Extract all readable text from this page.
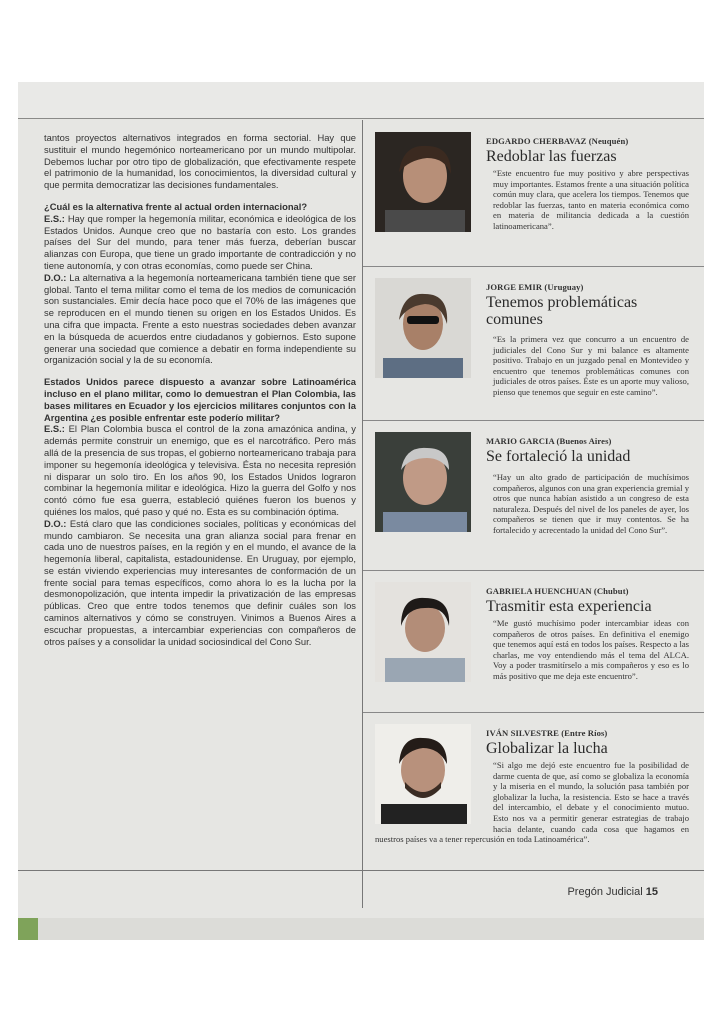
tantos proyectos alternativos integrados en forma sectorial. Hay que sustituir el mundo hegemónico norteamericano por un mundo multipolar. Debemos luchar por otro tipo de globalización, que efectivamente respete el patrimonio de la humanidad, los conocimientos, la diversidad cultural y que permita democratizar las decisiones fundamentales.

¿Cuál es la alternativa frente al actual orden internacional?

E.S.: Hay que romper la hegemonía militar, económica e ideológica de los Estados Unidos. Aunque creo que no bastaría con esto. Los grandes países del Sur del mundo, para tener más fuerza, deberían buscar alianzas con Europa, que tiene un grado importante de contradicción y no tiene autonomía, y con otras economías, como puede ser China.

D.O.: La alternativa a la hegemonía norteamericana también tiene que ser global. Tanto el tema militar como el tema de los medios de comunicación son sustanciales. Emir decía hace poco que el 70% de las imágenes que se reproducen en el mundo tienen su origen en los Estados Unidos. Es una cifra que impacta. Frente a esto nuestras sociedades deben avanzar en la búsqueda de acuerdos entre ciudadanos y gobiernos. Esto supone generar una sociedad que comience a debatir en forma independiente su organización social y la de su economía.

Estados Unidos parece dispuesto a avanzar sobre Latinoamérica incluso en el plano militar, como lo demuestran el Plan Colombia, las bases militares en Ecuador y los ejercicios militares conjuntos con la Argentina ¿es posible enfrentar este poderío militar?

E.S.: El Plan Colombia busca el control de la zona amazónica andina, y además permite construir un enemigo, que es el narcotráfico. Pero más allá de la presencia de sus tropas, el gobierno norteamericano trabaja para imponer su hegemonía ideológica y televisiva. Ésta no necesita represión ni disparar un solo tiro. En los años 90, los Estados Unidos lograron combinar la hegemonía militar e ideológica. Hizo la guerra del Golfo y nos contó cómo fue esa guerra, estableció quiénes fueron los buenos y quiénes los malos, qué paso y qué no. Esta es su combinación óptima.

D.O.: Está claro que las condiciones sociales, políticas y económicas del mundo cambiaron. Se necesita una gran alianza social para frenar en cada uno de nuestros países, en la región y en el mundo, el avance de la hegemonía liberal, capitalista, estadounidense. En Uruguay, por ejemplo, se están viviendo experiencias muy interesantes de conformación de un frente social para temas específicos, como ahora lo es la lucha por la desmonopolización, que intenta impedir la privatización de las empresas públicas. Creo que entre todos tenemos que definir cuáles son los caminos alternativos y cómo se construyen. Vinimos a Buenos Aires a escuchar propuestas, a intercambiar experiencias con compañeros de otros países y a consolidar la unidad sociosindical del Cono Sur.

EDGARDO CHERBAVAZ (Neuquén)
Redoblar las fuerzas
“Este encuentro fue muy positivo y abre perspectivas muy importantes. Estamos frente a una situación política común muy clara, que acelera los tiempos. Tenemos que redoblar las fuerzas, tanto en materia económica como en materia de militancia dedicada a la cuestión latinoamericana”.
JORGE EMIR (Uruguay)
Tenemos problemáticas comunes
“Es la primera vez que concurro a un encuentro de judiciales del Cono Sur y mi balance es altamente positivo. Trabajo en un juzgado penal en Montevideo y encuentro que tenemos problemáticas comunes con judiciales de otros países. Éste es un aporte muy valioso, pienso que tenemos que seguir en este camino”.
MARIO GARCIA (Buenos Aires)
Se fortaleció la unidad
“Hay un alto grado de participación de muchísimos compañeros, algunos con una gran experiencia gremial y otros que nunca habían asistido a un congreso de esta naturaleza. Después del nivel de los paneles de ayer, los compañeros se tienen que ir muy contentos. Se ha fortalecido y acrecentado la unidad del Cono Sur”.
GABRIELA HUENCHUAN (Chubut)
Trasmitir esta experiencia
“Me gustó muchísimo poder intercambiar ideas con compañeros de otros países. En definitiva el enemigo que tenemos aquí está en todos los países. Respecto a las charlas, me voy entendiendo más el tema del ALCA. Voy a poder trasmitírselo a mis compañeros y eso es lo más positivo que me deja este encuentro”.
IVÁN SILVESTRE (Entre Ríos)
Globalizar la lucha
“Si algo me dejó este encuentro fue la posibilidad de darme cuenta de que, así como se globaliza la economía y la miseria en el mundo, la solución pasa también por globalizar la lucha, la resistencia. Esto se hace a través del intercambio, el debate y el conocimiento mutuo. Esto nos va a permitir generar estrategias de trabajo hacia delante, cuando cada cosa que hagamos en nuestros países va a tener repercusión en toda Latinoamérica”.
Pregón Judicial 15
